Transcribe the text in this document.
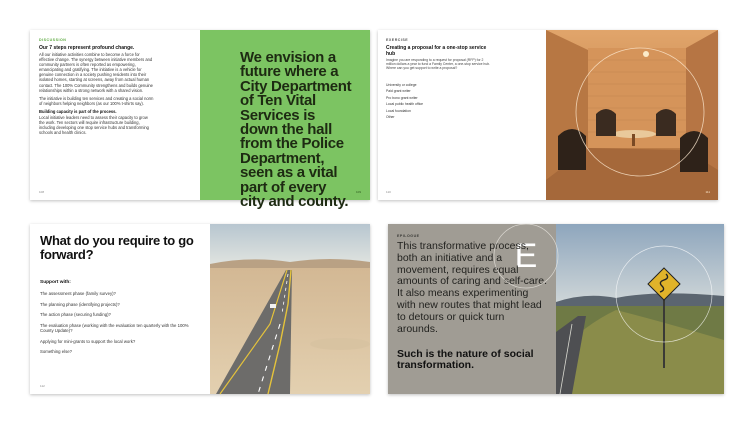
DISCUSSION
Our 7 steps represent profound change.

All our initiative activities combine to become a force for effective change. The synergy between initiative members and community partners is often reported as empowering, emancipating and gratifying. The initiative is a vehicle for genuine connection in a society pushing residents into their isolated homes, starting at screens, away from actual human contact. The 100% Community strengthens and builds genuine relationships within a strong network with a shared vision.

The initiative is building ten services and creating a social norm of neighbors helping neighbors (as our 100% t-shirts say).

Building capacity is part of the process.

Local initiative leaders need to assess their capacity to grow the work. Ten sectors will require infrastructure building, including developing one stop service hubs and transforming schools and health clinics.

108
We envision a future where a City Department of Ten Vital Services is down the hall from the Police Department, seen as a vital part of every city and county.
109
EXERCISE
Creating a proposal for a one-stop service hub
Imagine you are responding to a request for proposal (RFP) for 2 million dollars a year to fund a Family Center, a one-stop service hub. Where can you get support to write a proposal?
University or college
Paid grant writer
Pro bono grant writer
Local public health office
Local foundation
Other
110	111
What do you require to go forward?
Support with:
The assessment phase (family survey)?
The planning phase (identifying projects)?
The action phase (securing funding)?
The evaluation phase (working with the evaluation ten quarterly with the 100% County Update)?
Applying for mini-grants to support the local work?
Something else?
112
EPILOGUE
E
This transformative process, both an initiative and a movement, requires equal amounts of caring and self-care. It also means experimenting with new routes that might lead to detours or quick turn arounds.
Such is the nature of social transformation.
